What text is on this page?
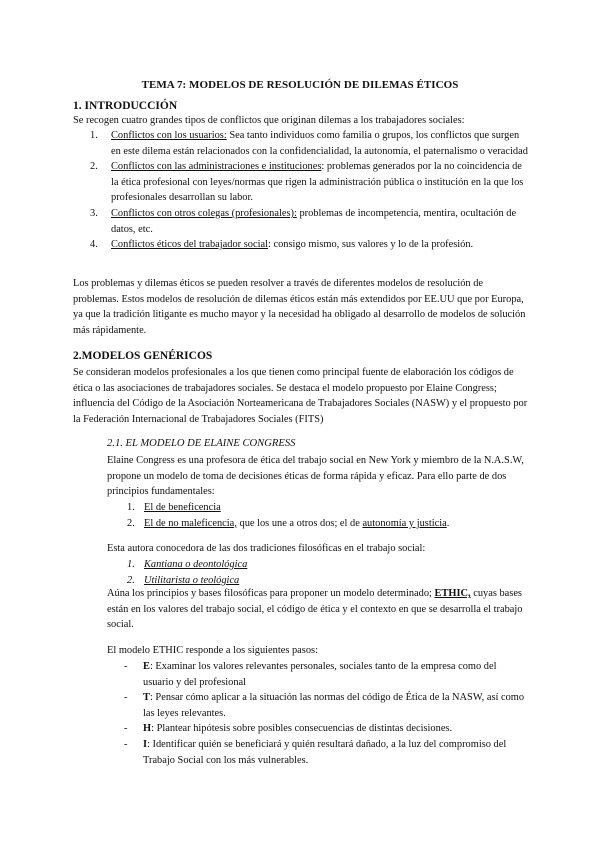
TEMA 7: MODELOS DE RESOLUCIÓN DE DILEMAS ÉTICOS
1. INTRODUCCIÓN
Se recogen cuatro grandes tipos de conflictos que originan dilemas a los trabajadores sociales:
1. Conflictos con los usuarios: Sea tanto individuos como familia o grupos, los conflictos que surgen en este dilema están relacionados con la confidencialidad, la autonomía, el paternalismo o veracidad
2. Conflictos con las administraciones e instituciones: problemas generados por la no coincidencia de la ética profesional con leyes/normas que rigen la administración pública o institución en la que los profesionales desarrollan su labor.
3. Conflictos con otros colegas (profesionales): problemas de incompetencia, mentira, ocultación de datos, etc.
4. Conflictos éticos del trabajador social: consigo mismo, sus valores y lo de la profesión.
Los problemas y dilemas éticos se pueden resolver a través de diferentes modelos de resolución de problemas. Estos modelos de resolución de dilemas éticos están más extendidos por EE.UU que por Europa, ya que la tradición litigante es mucho mayor y la necesidad ha obligado al desarrollo de modelos de solución más rápidamente.
2.MODELOS GENÉRICOS
Se consideran modelos profesionales a los que tienen como principal fuente de elaboración los códigos de ética o las asociaciones de trabajadores sociales. Se destaca el modelo propuesto por Elaine Congress; influencia del Código de la Asociación Norteamericana de Trabajadores Sociales (NASW) y el propuesto por la Federación Internacional de Trabajadores Sociales (FITS)
2.1. EL MODELO DE ELAINE CONGRESS
Elaine Congress es una profesora de ética del trabajo social en New York y miembro de la N.A.S.W, propone un modelo de toma de decisiones éticas de forma rápida y eficaz. Para ello parte de dos principios fundamentales:
1. El de beneficencia
2. El de no maleficencia, que los une a otros dos; el de autonomía y justicia.
Esta autora conocedora de las dos tradiciones filosóficas en el trabajo social:
1. Kantiana o deontológica
2. Utilitarista o teológica
Aúna los principios y bases filosóficas para proponer un modelo determinado; ETHIC, cuyas bases están en los valores del trabajo social, el código de ética y el contexto en que se desarrolla el trabajo social.
El modelo ETHIC responde a los siguientes pasos:
- E: Examinar los valores relevantes personales, sociales tanto de la empresa como del usuario y del profesional
- T: Pensar cómo aplicar a la situación las normas del código de Ética de la NASW, así como las leyes relevantes.
- H: Plantear hipótesis sobre posibles consecuencias de distintas decisiones.
- I: Identificar quién se beneficiará y quién resultará dañado, a la luz del compromiso del Trabajo Social con los más vulnerables.
